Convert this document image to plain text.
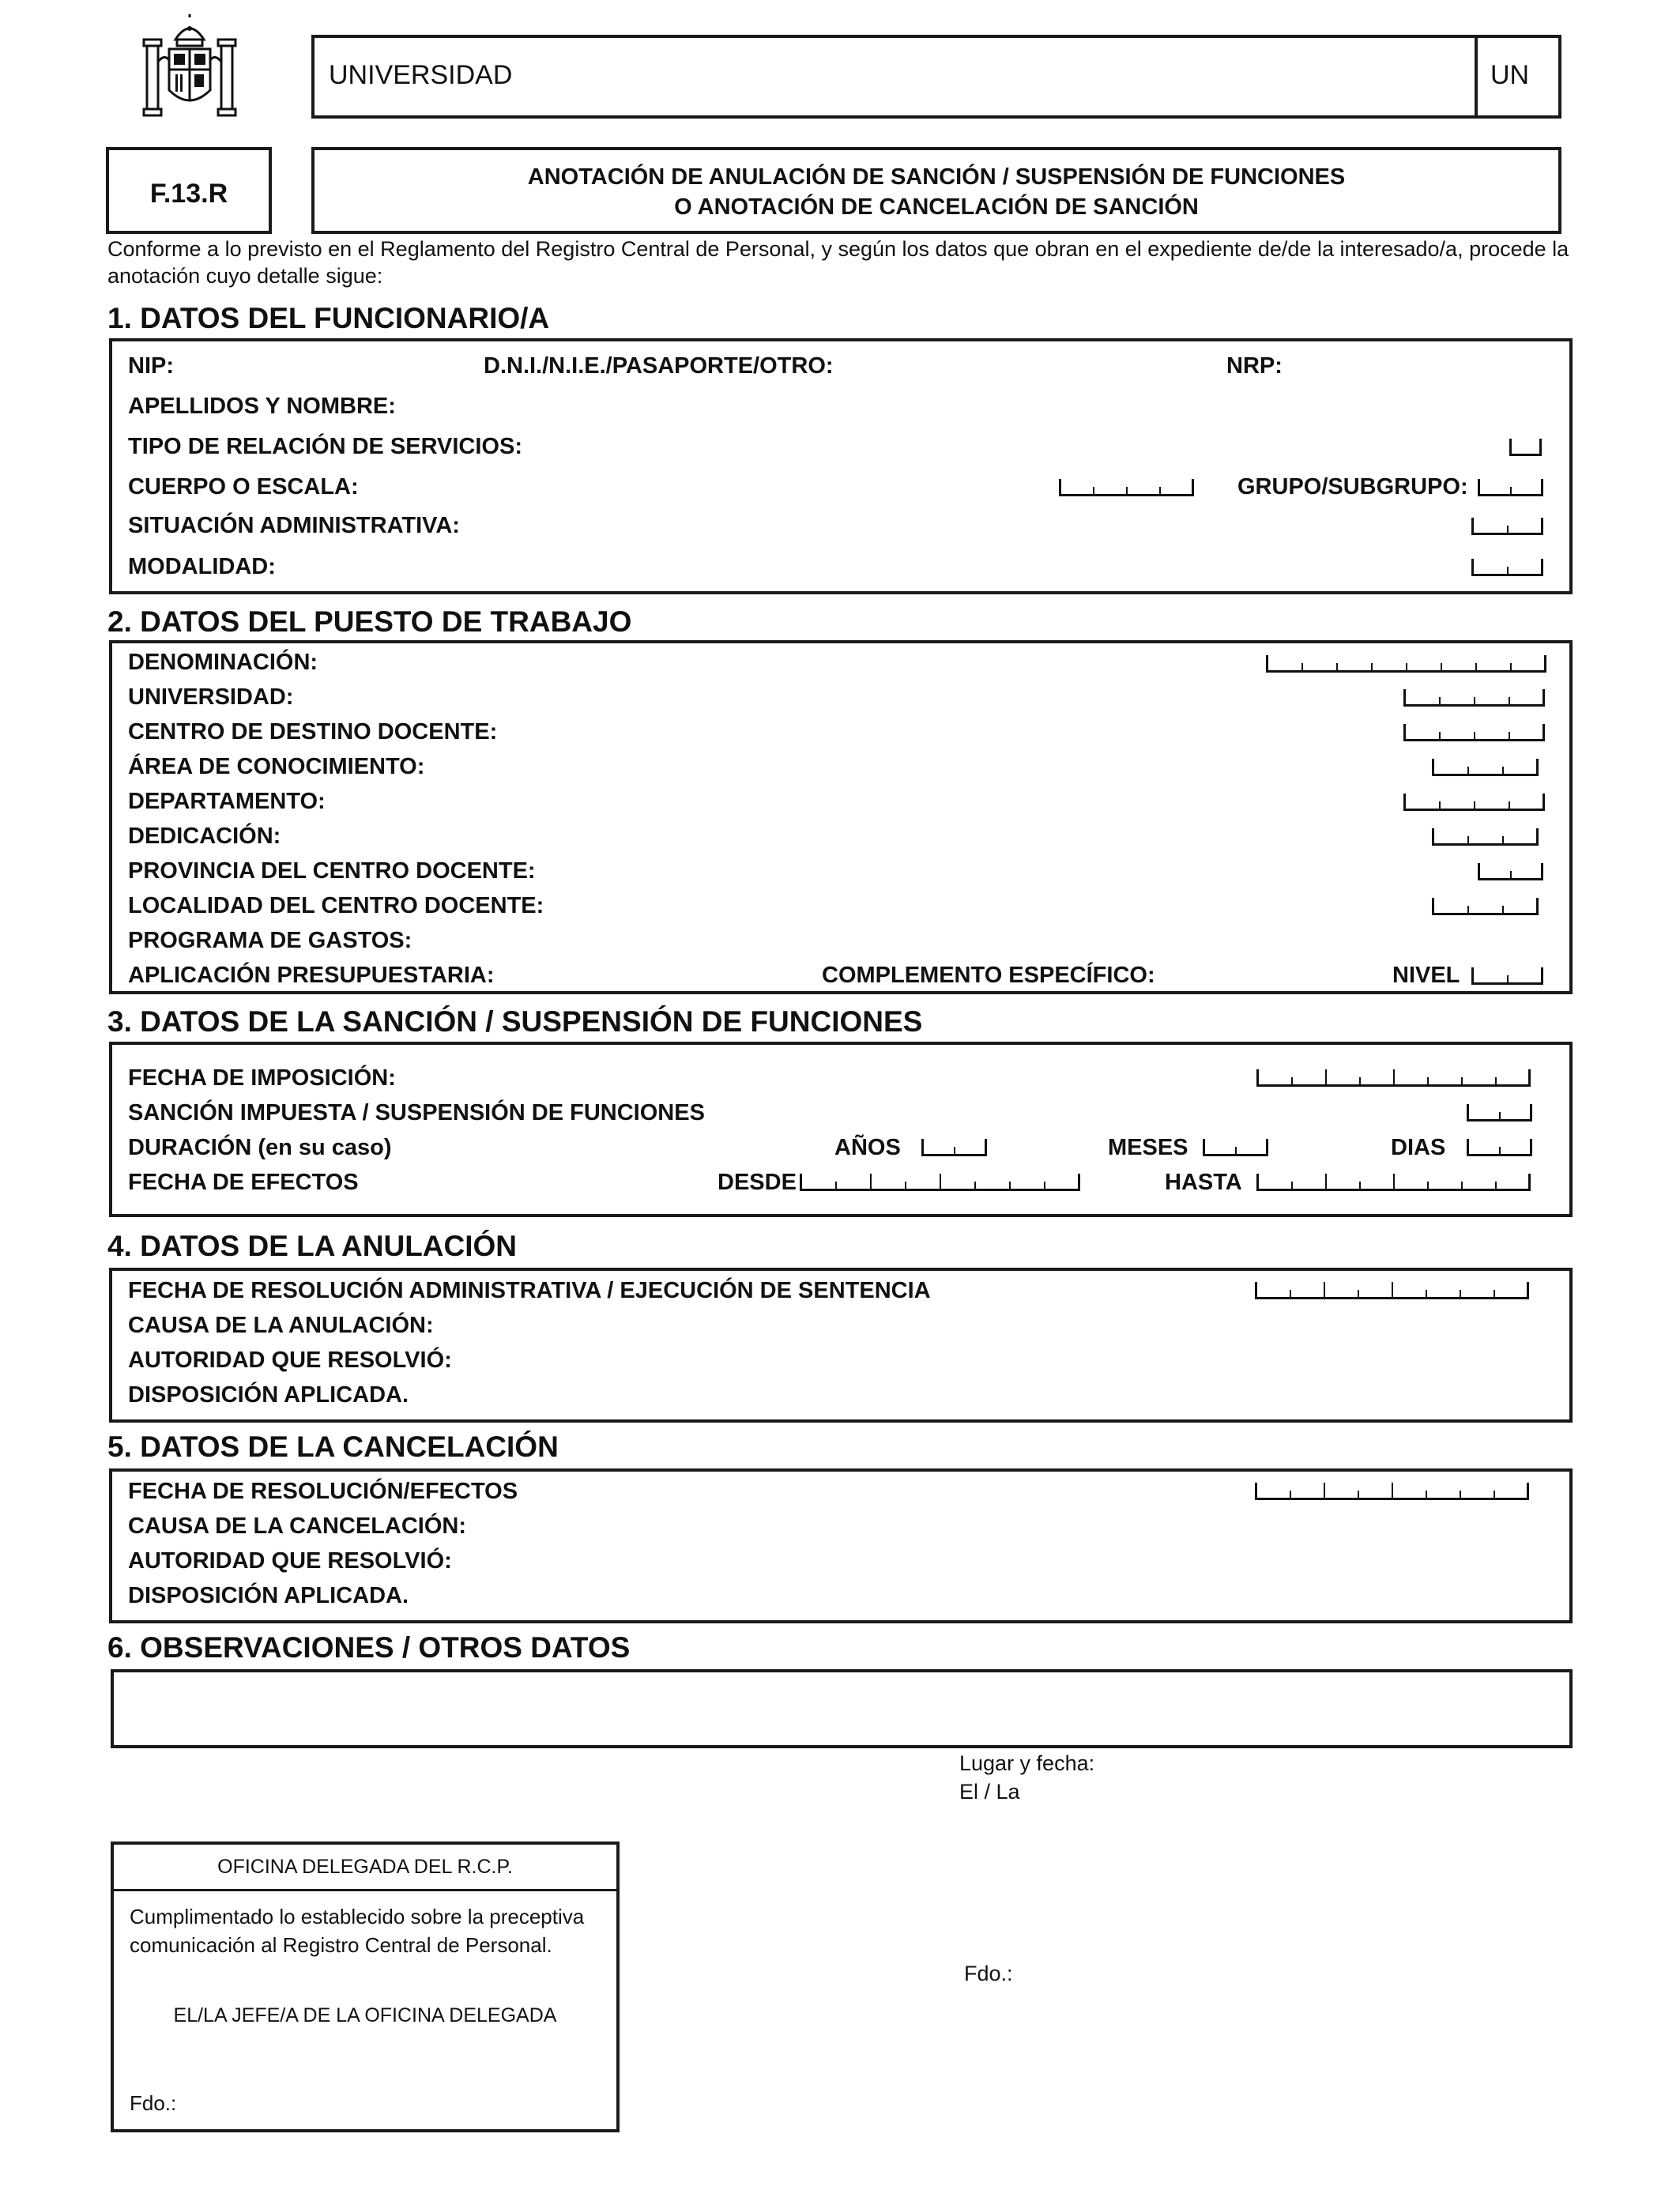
UNIVERSIDAD	UN
F.13.R
ANOTACIÓN DE ANULACIÓN DE SANCIÓN / SUSPENSIÓN DE FUNCIONES
O ANOTACIÓN DE CANCELACIÓN DE SANCIÓN
Conforme a lo previsto en el Reglamento del Registro Central de Personal, y según los datos que obran en el expediente de/de la interesado/a, procede la
anotación cuyo detalle sigue:
1. DATOS DEL FUNCIONARIO/A
NIP:	D.N.I./N.I.E./PASAPORTE/OTRO:	NRP:
APELLIDOS Y NOMBRE:
TIPO DE RELACIÓN DE SERVICIOS:
CUERPO O ESCALA:	GRUPO/SUBGRUPO:
SITUACIÓN ADMINISTRATIVA:
MODALIDAD:
2. DATOS DEL PUESTO DE TRABAJO
DENOMINACIÓN:
UNIVERSIDAD:
CENTRO DE DESTINO DOCENTE:
ÁREA DE CONOCIMIENTO:
DEPARTAMENTO:
DEDICACIÓN:
PROVINCIA DEL CENTRO DOCENTE:
LOCALIDAD DEL CENTRO DOCENTE:
PROGRAMA DE GASTOS:
APLICACIÓN PRESUPUESTARIA:	COMPLEMENTO ESPECÍFICO:	NIVEL
3. DATOS DE LA SANCIÓN / SUSPENSIÓN DE FUNCIONES
FECHA DE IMPOSICIÓN:
SANCIÓN IMPUESTA / SUSPENSIÓN DE FUNCIONES
DURACIÓN (en su caso)	AÑOS	MESES	DIAS
FECHA DE EFECTOS	DESDE	HASTA
4. DATOS DE LA ANULACIÓN
FECHA DE RESOLUCIÓN ADMINISTRATIVA / EJECUCIÓN DE SENTENCIA
CAUSA DE LA ANULACIÓN:
AUTORIDAD QUE RESOLVIÓ:
DISPOSICIÓN APLICADA.
5. DATOS DE LA CANCELACIÓN
FECHA DE RESOLUCIÓN/EFECTOS
CAUSA DE LA CANCELACIÓN:
AUTORIDAD QUE RESOLVIÓ:
DISPOSICIÓN APLICADA.
6. OBSERVACIONES / OTROS DATOS
Lugar y fecha:
El / La
Fdo.:
OFICINA DELEGADA DEL R.C.P.
Cumplimentado lo establecido sobre la preceptiva
comunicación al Registro Central de Personal.
EL/LA JEFE/A DE LA OFICINA DELEGADA
Fdo.:
